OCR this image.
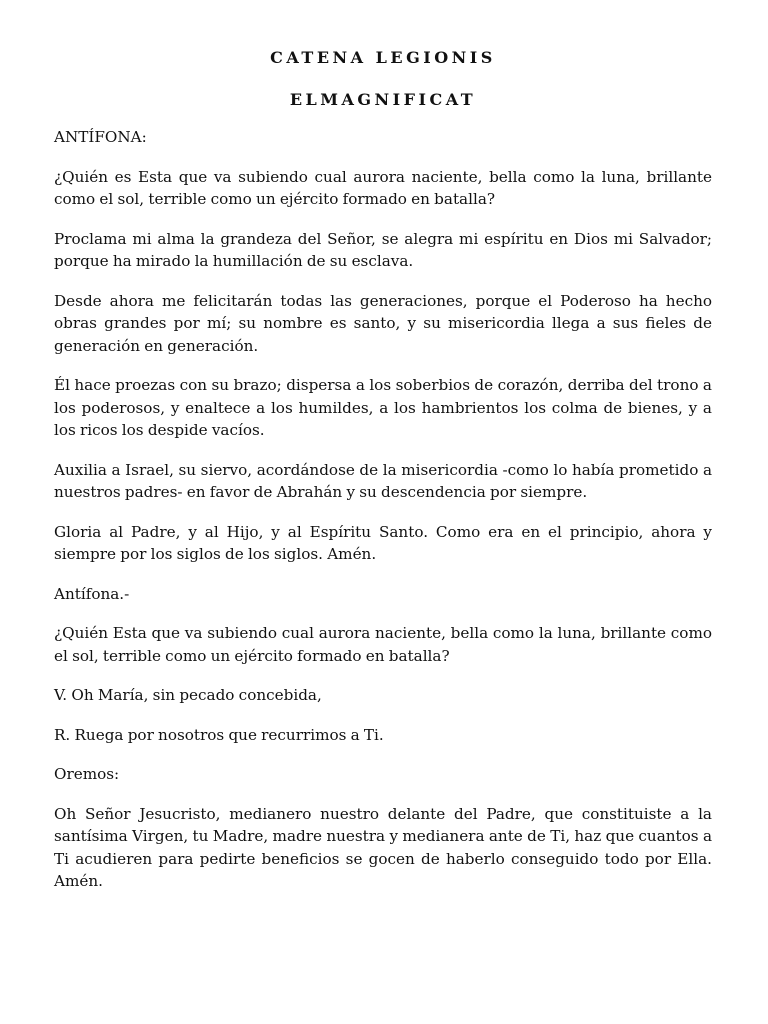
CATENA LEGIONIS
ELMAGNIFICAT

ANTÍFONA:

¿Quién es Esta que va subiendo cual aurora naciente, bella como la luna, brillante como el sol, terrible como un ejército formado en batalla?

Proclama mi alma la grandeza del Señor, se alegra mi espíritu en Dios mi Salvador; porque ha mirado la humillación de su esclava.

Desde ahora me felicitarán todas las generaciones, porque el Poderoso ha hecho obras grandes por mí; su nombre es santo, y su misericordia llega a sus fieles de generación en generación.

Él hace proezas con su brazo; dispersa a los soberbios de corazón, derriba del trono a los poderosos, y enaltece a los humildes, a los hambrientos los colma de bienes, y a los ricos los despide vacíos.

Auxilia a Israel, su siervo, acordándose de la misericordia -como lo había prometido a nuestros padres- en favor de Abrahán y su descendencia por siempre.

Gloria al Padre, y al Hijo, y al Espíritu Santo. Como era en el principio, ahora y siempre por los siglos de los siglos. Amén.

Antífona.-

¿Quién Esta que va subiendo cual aurora naciente, bella como la luna, brillante como el sol, terrible como un ejército formado en batalla?

V. Oh María, sin pecado concebida,

R. Ruega por nosotros que recurrimos a Ti.

Oremos:

Oh Señor Jesucristo, medianero nuestro delante del Padre, que constituiste a la santísima Virgen, tu Madre, madre nuestra y medianera ante de Ti, haz que cuantos a Ti acudieren para pedirte beneficios se gocen de haberlo conseguido todo por Ella. Amén.
